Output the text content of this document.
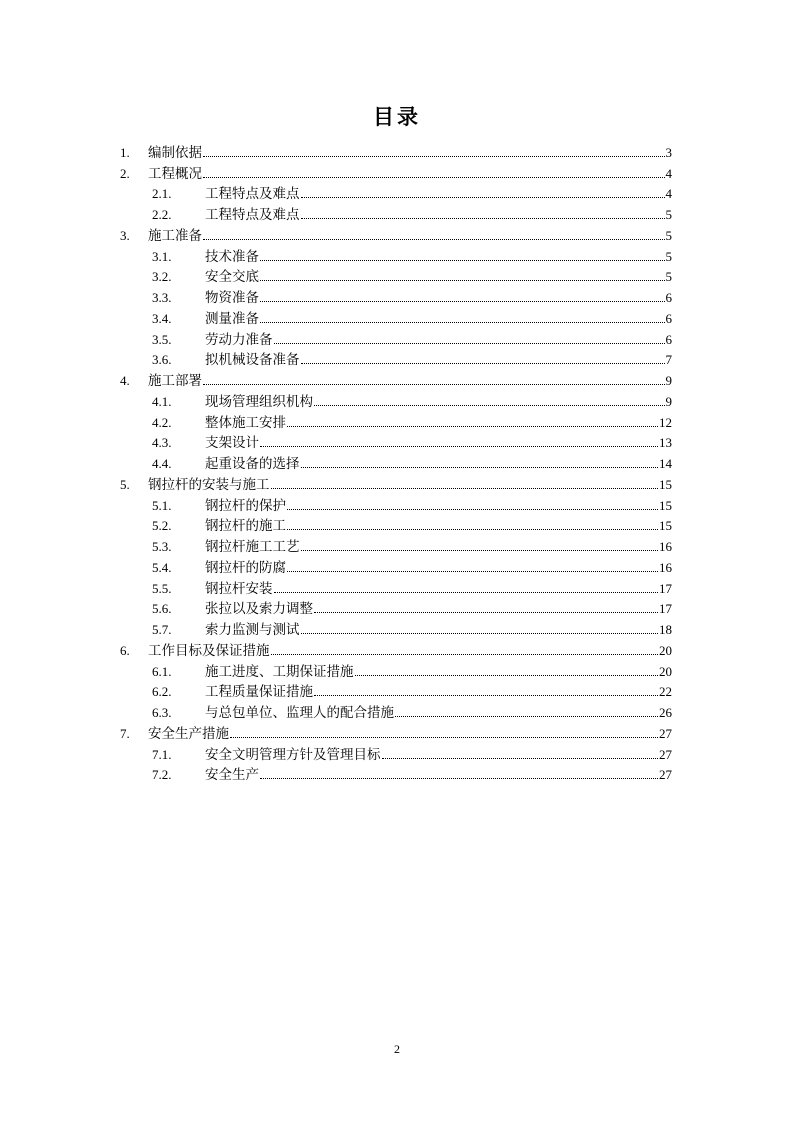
目录
1.	编制依据	3
2.	工程概况	4
2.1.	工程特点及难点	4
2.2.	工程特点及难点	5
3.	施工准备	5
3.1.	技术准备	5
3.2.	安全交底	5
3.3.	物资准备	6
3.4.	测量准备	6
3.5.	劳动力准备	6
3.6.	拟机械设备准备	7
4.	施工部署	9
4.1.	现场管理组织机构	9
4.2.	整体施工安排	12
4.3.	支架设计	13
4.4.	起重设备的选择	14
5.	钢拉杆的安装与施工	15
5.1.	钢拉杆的保护	15
5.2.	钢拉杆的施工	15
5.3.	钢拉杆施工工艺	16
5.4.	钢拉杆的防腐	16
5.5.	钢拉杆安装	17
5.6.	张拉以及索力调整	17
5.7.	索力监测与测试	18
6.	工作目标及保证措施	20
6.1.	施工进度、工期保证措施	20
6.2.	工程质量保证措施	22
6.3.	与总包单位、监理人的配合措施	26
7.	安全生产措施	27
7.1.	安全文明管理方针及管理目标	27
7.2.	安全生产	27
2
